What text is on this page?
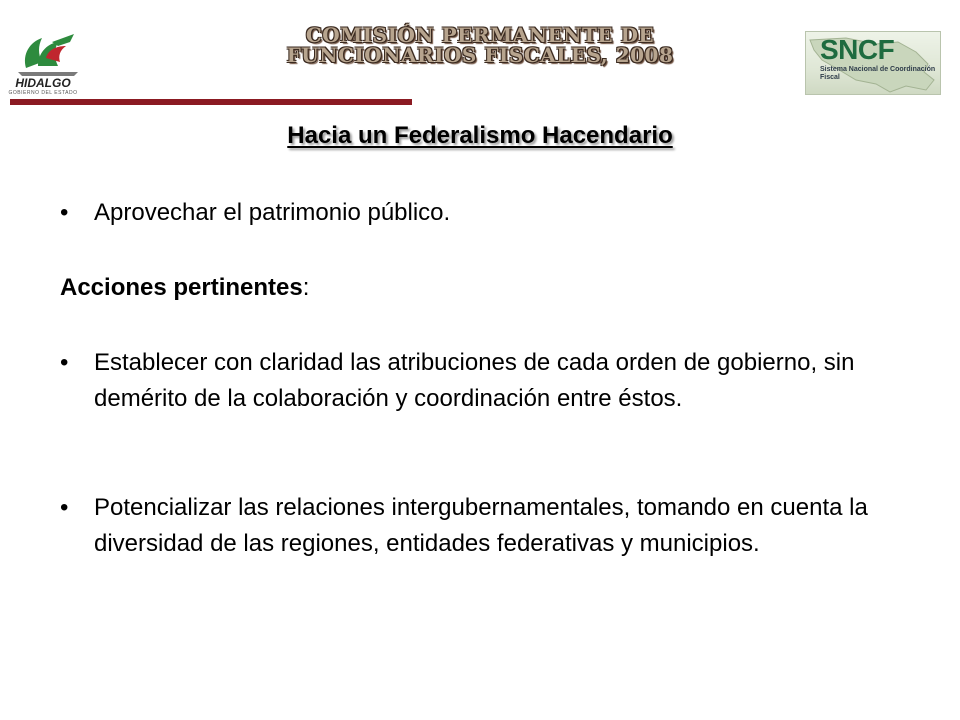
HIDALGO
GOBIERNO DEL ESTADO
COMISIÓN PERMANENTE DE
FUNCIONARIOS FISCALES, 2008	SNCF
Sistema Nacional de Coordinación Fiscal
Hacia un Federalismo Hacendario
•	Aprovechar el patrimonio público.
Acciones pertinentes:
•	Establecer con claridad las atribuciones de cada orden de gobierno, sin demérito de la colaboración y coordinación entre éstos.
•	Potencializar las relaciones intergubernamentales, tomando en cuenta la diversidad de las regiones, entidades federativas y municipios.
